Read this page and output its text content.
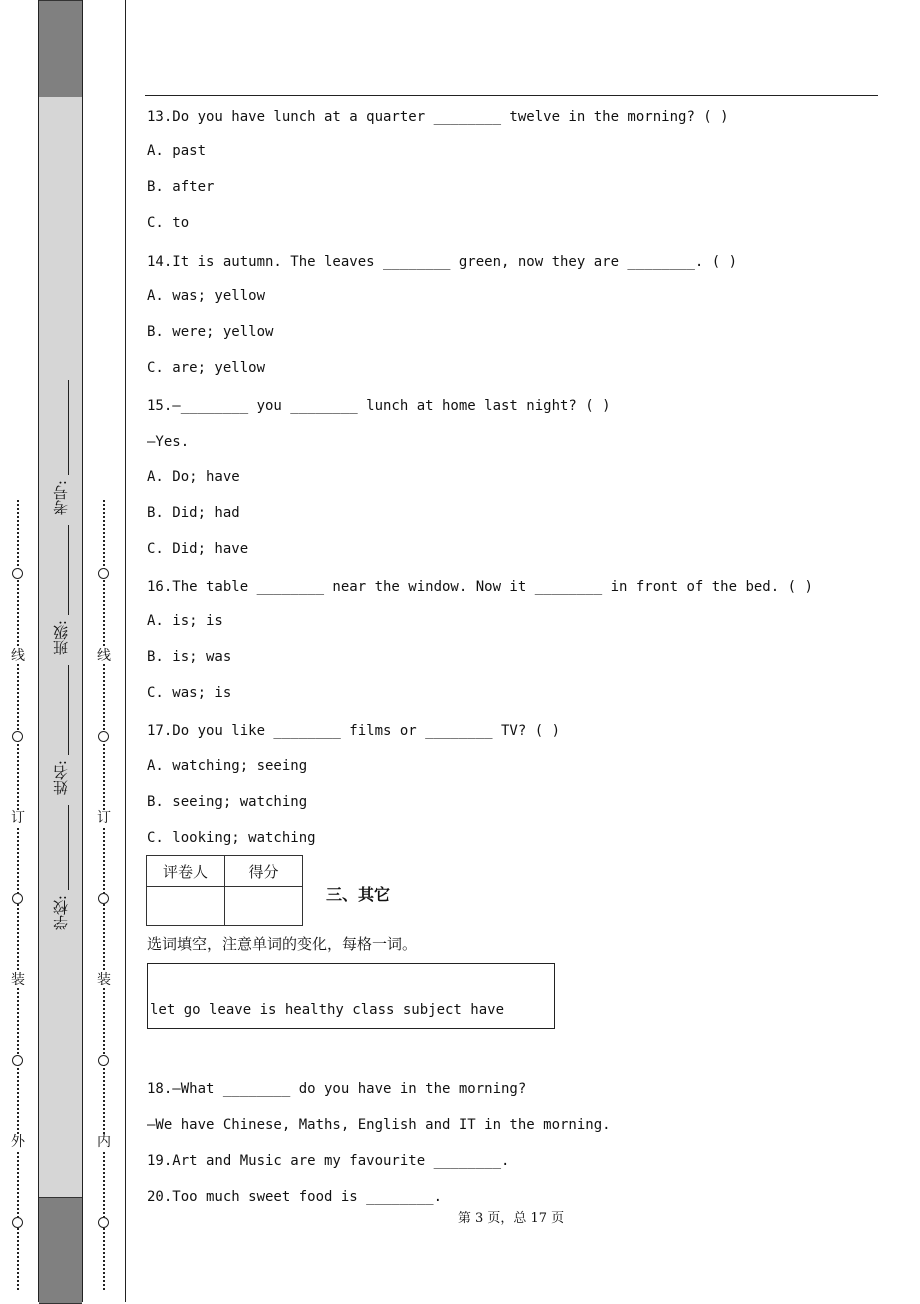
线
订
装
外
线
订
装
内
考号:
班级:
姓名:
学校:
13.Do you have lunch at a quarter ________ twelve in the morning? ( )
A. past
B. after
C. to
14.It is autumn. The leaves ________ green, now they are ________. ( )
A. was; yellow
B. were; yellow
C. are; yellow
15.—________ you ________ lunch at home last night? ( )
—Yes.
A. Do; have
B. Did; had
C. Did; have
16.The table ________ near the window. Now it ________ in front of the bed. ( )
A. is; is
B. is; was
C. was; is
17.Do you like ________ films or ________ TV? ( )
A. watching; seeing
B. seeing; watching
C. looking; watching
评卷人	得分

三、其它
选词填空，注意单词的变化，每格一词。
let go leave is healthy class subject have
18.—What ________ do you have in the morning?
—We have Chinese, Maths, English and IT in the morning.
19.Art and Music are my favourite ________.
20.Too much sweet food is ________.
第 3 页，总 17 页
